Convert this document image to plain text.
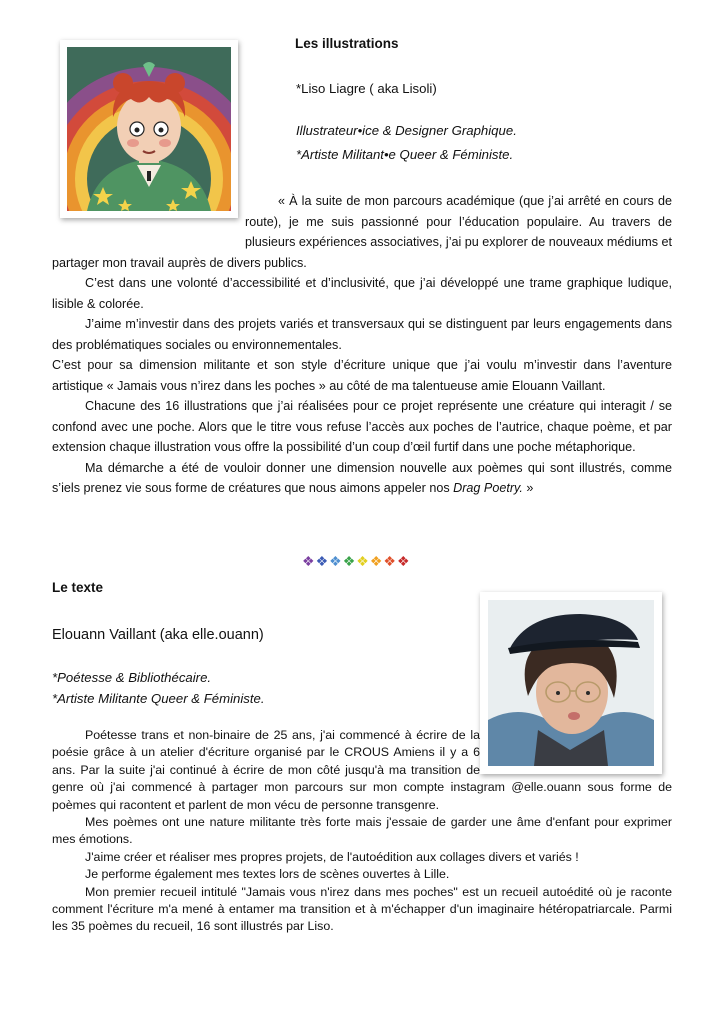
Les illustrations
*Liso Liagre ( aka Lisoli)
Illustrateur•ice & Designer Graphique.
*Artiste Militant•e Queer & Féministe.

« À la suite de mon parcours académique (que j’ai arrêté en cours de route), je me suis passionné pour l’éducation populaire. Au travers de plusieurs expériences associatives, j’ai pu explorer de nouveaux médiums et partager mon travail auprès de divers publics.

C’est dans une volonté d’accessibilité et d’inclusivité, que j’ai développé une trame graphique ludique, lisible & colorée.

J’aime m’investir dans des projets variés et transversaux qui se distinguent par leurs engagements dans des problématiques sociales ou environnementales.

C’est pour sa dimension militante et son style d’écriture unique que j’ai voulu m’investir dans l’aventure artistique « Jamais vous n’irez dans les poches » au côté de ma talentueuse amie Elouann Vaillant.

Chacune des 16 illustrations que j’ai réalisées pour ce projet représente une créature qui interagit / se confond avec une poche. Alors que le titre vous refuse l’accès aux poches de l’autrice, chaque poème, et par extension chaque illustration vous offre la possibilité d’un coup d’œil furtif dans une poche métaphorique.

Ma démarche a été de vouloir donner une dimension nouvelle aux poèmes qui sont illustrés, comme s’iels prenez vie sous forme de créatures que nous aimons appeler nos Drag Poetry. »

❖❖❖❖❖❖❖❖
Le texte
Elouann Vaillant (aka elle.ouann)
*Poétesse & Bibliothécaire.
*Artiste Militante Queer & Féministe.

Poétesse trans et non-binaire de 25 ans, j'ai commencé à écrire de la poésie grâce à un atelier d'écriture organisé par le CROUS Amiens il y a 6 ans. Par la suite j'ai continué à écrire de mon côté jusqu'à ma transition de genre où j'ai commencé à partager mon parcours sur mon compte instagram @elle.ouann sous forme de poèmes qui racontent et parlent de mon vécu de personne transgenre.

Mes poèmes ont une nature militante très forte mais j'essaie de garder une âme d'enfant pour exprimer mes émotions.

J'aime créer et réaliser mes propres projets, de l'autoédition aux collages divers et variés !

Je performe également mes textes lors de scènes ouvertes à Lille.

Mon premier recueil intitulé "Jamais vous n'irez dans mes poches" est un recueil autoédité où je raconte comment l'écriture m'a mené à entamer ma transition et à m'échapper d'un imaginaire hétéropatriarcale. Parmi les 35 poèmes du recueil, 16 sont illustrés par Liso.
